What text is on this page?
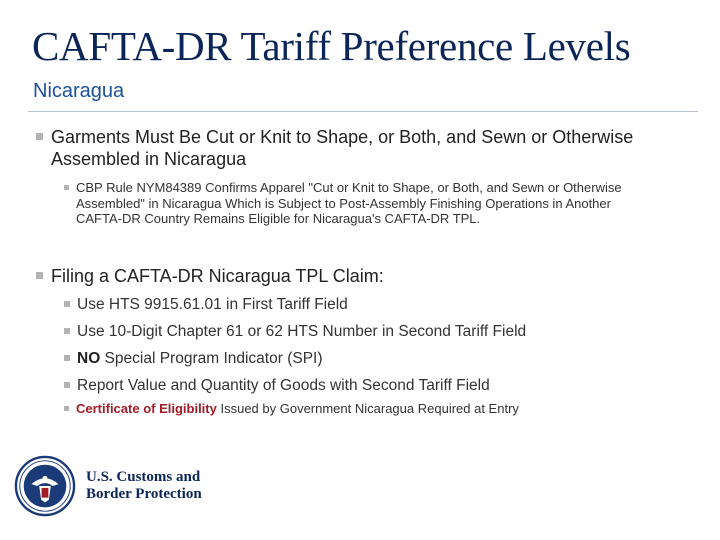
CAFTA-DR Tariff Preference Levels
Nicaragua
Garments Must Be Cut or Knit to Shape, or Both, and Sewn or Otherwise Assembled in Nicaragua
CBP Rule NYM84389 Confirms Apparel "Cut or Knit to Shape, or Both, and Sewn or Otherwise Assembled" in Nicaragua Which is Subject to Post-Assembly Finishing Operations in Another CAFTA-DR Country Remains Eligible for Nicaragua's CAFTA-DR TPL.
Filing a CAFTA-DR Nicaragua TPL Claim:
Use HTS 9915.61.01 in First Tariff Field
Use 10-Digit Chapter 61 or 62 HTS Number in Second Tariff Field
NO Special Program Indicator (SPI)
Report Value and Quantity of Goods with Second Tariff Field
Certificate of Eligibility Issued by Government Nicaragua Required at Entry
U.S. Customs and
Border Protection
